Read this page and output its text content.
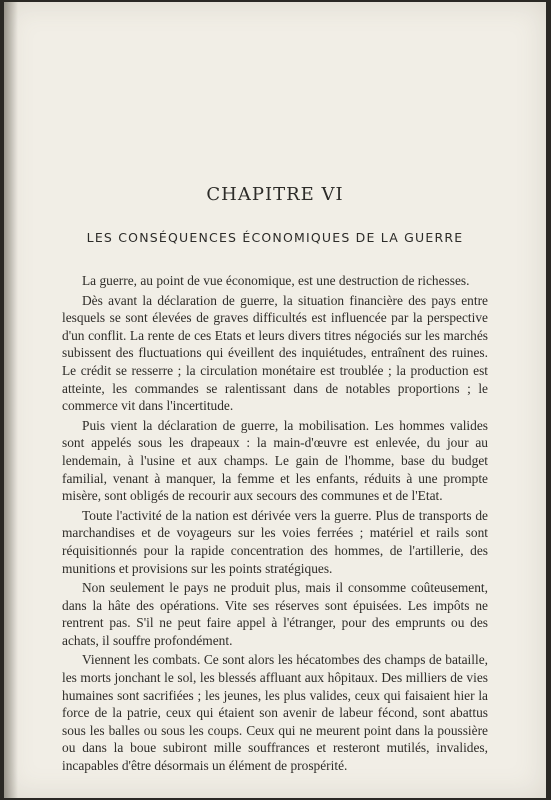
CHAPITRE VI
LES CONSÉQUENCES ÉCONOMIQUES DE LA GUERRE

La guerre, au point de vue économique, est une destruction de richesses.

Dès avant la déclaration de guerre, la situation financière des pays entre lesquels se sont élevées de graves difficultés est influencée par la perspective d'un conflit. La rente de ces Etats et leurs divers titres négociés sur les marchés subissent des fluctuations qui éveillent des inquiétudes, entraînent des ruines. Le crédit se resserre ; la circulation monétaire est troublée ; la production est atteinte, les commandes se ralentissant dans de notables proportions ; le commerce vit dans l'incertitude.

Puis vient la déclaration de guerre, la mobilisation. Les hommes valides sont appelés sous les drapeaux : la main-d'œuvre est enlevée, du jour au lendemain, à l'usine et aux champs. Le gain de l'homme, base du budget familial, venant à manquer, la femme et les enfants, réduits à une prompte misère, sont obligés de recourir aux secours des communes et de l'Etat.

Toute l'activité de la nation est dérivée vers la guerre. Plus de transports de marchandises et de voyageurs sur les voies ferrées ; matériel et rails sont réquisitionnés pour la rapide concentration des hommes, de l'artillerie, des munitions et provisions sur les points stratégiques.

Non seulement le pays ne produit plus, mais il consomme coûteusement, dans la hâte des opérations. Vite ses réserves sont épuisées. Les impôts ne rentrent pas. S'il ne peut faire appel à l'étranger, pour des emprunts ou des achats, il souffre profondément.

Viennent les combats. Ce sont alors les hécatombes des champs de bataille, les morts jonchant le sol, les blessés affluant aux hôpitaux. Des milliers de vies humaines sont sacrifiées ; les jeunes, les plus valides, ceux qui faisaient hier la force de la patrie, ceux qui étaient son avenir de labeur fécond, sont abattus sous les balles ou sous les coups. Ceux qui ne meurent point dans la poussière ou dans la boue subiront mille souffrances et resteront mutilés, invalides, incapables d'être désormais un élément de prospérité.
